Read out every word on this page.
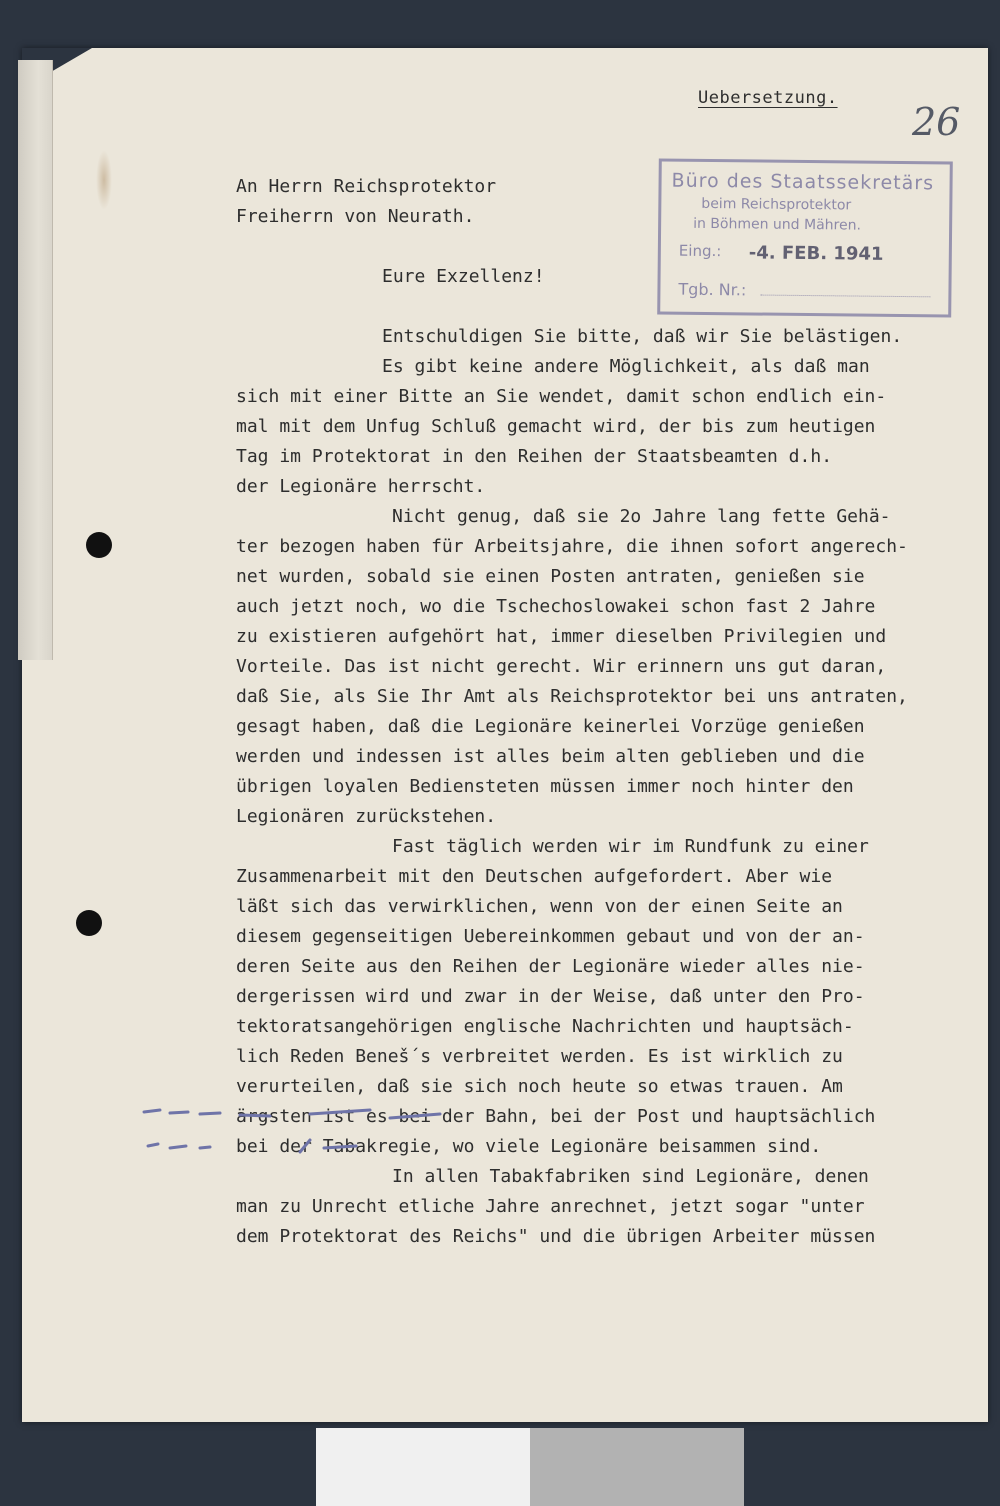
Uebersetzung.
26
Büro des Staatssekretärs
beim Reichsprotektor
in Böhmen und Mähren.
Eing.: -4. FEB. 1941
Tgb. Nr.:
An Herrn Reichsprotektor
Freiherrn von Neurath.
Eure Exzellenz!
Entschuldigen Sie bitte, daß wir Sie belästigen.
Es gibt keine andere Möglichkeit, als daß man
sich mit einer Bitte an Sie wendet, damit schon endlich ein-
mal mit dem Unfug Schluß gemacht wird, der bis zum heutigen
Tag im Protektorat in den Reihen der Staatsbeamten d.h.
der Legionäre herrscht.
Nicht genug, daß sie 2o Jahre lang fette Gehä-
ter bezogen haben für Arbeitsjahre, die ihnen sofort angerech-
net wurden, sobald sie einen Posten antraten, genießen sie
auch jetzt noch, wo die Tschechoslowakei schon fast 2 Jahre
zu existieren aufgehört hat, immer dieselben Privilegien und
Vorteile. Das ist nicht gerecht. Wir erinnern uns gut daran,
daß Sie, als Sie Ihr Amt als Reichsprotektor bei uns antraten,
gesagt haben, daß die Legionäre keinerlei Vorzüge genießen
werden und indessen ist alles beim alten geblieben und die
übrigen loyalen Bediensteten müssen immer noch hinter den
Legionären zurückstehen.
Fast täglich werden wir im Rundfunk zu einer
Zusammenarbeit mit den Deutschen aufgefordert. Aber wie
läßt sich das verwirklichen, wenn von der einen Seite an
diesem gegenseitigen Uebereinkommen gebaut und von der an-
deren Seite aus den Reihen der Legionäre wieder alles nie-
dergerissen wird und zwar in der Weise, daß unter den Pro-
tektoratsangehörigen englische Nachrichten und hauptsäch-
lich Reden Beneš´s verbreitet werden. Es ist wirklich zu
verurteilen, daß sie sich noch heute so etwas trauen. Am
ärgsten ist es bei der Bahn, bei der Post und hauptsächlich
bei der Tabakregie, wo viele Legionäre beisammen sind.
In allen Tabakfabriken sind Legionäre, denen
man zu Unrecht etliche Jahre anrechnet, jetzt sogar "unter
dem Protektorat des Reichs" und die übrigen Arbeiter müssen
